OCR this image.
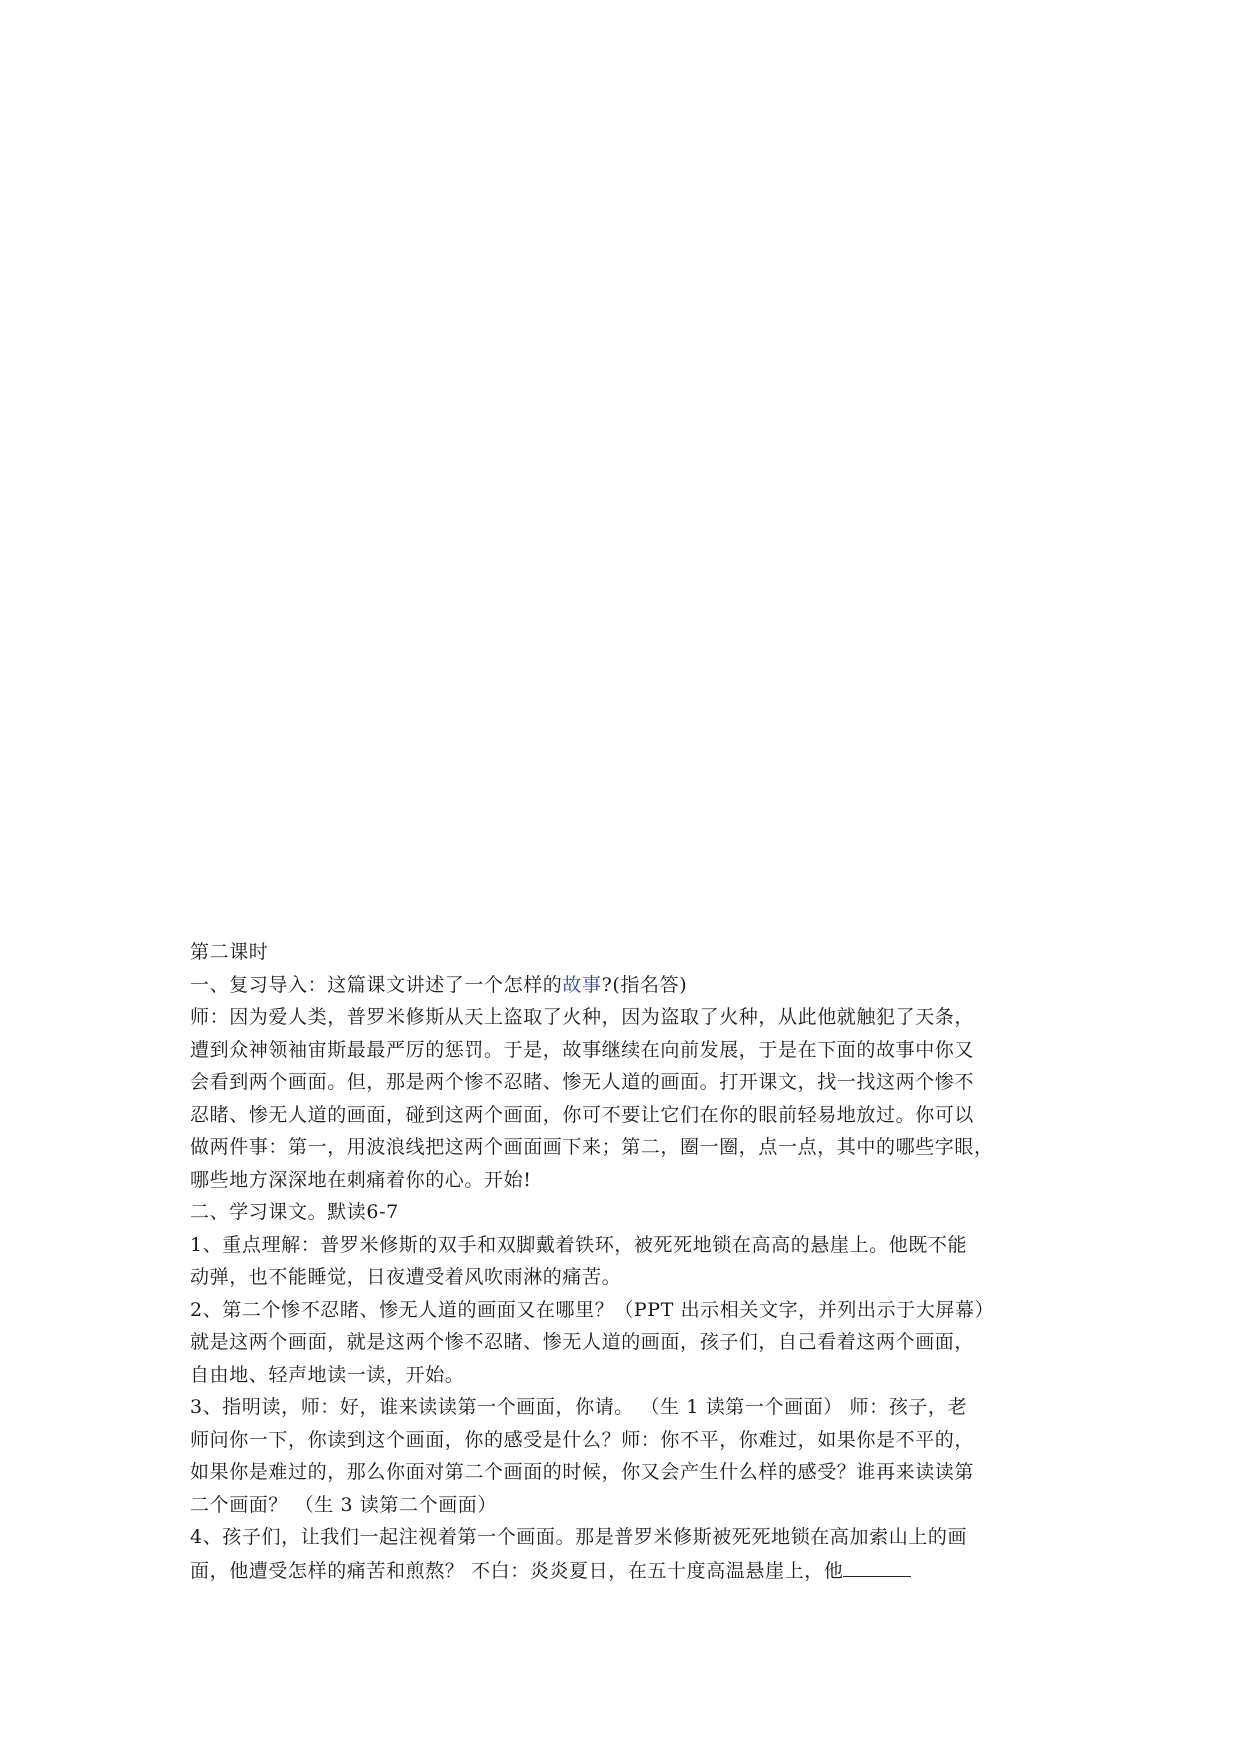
第二课时
一、复习导入：这篇课文讲述了一个怎样的故事?(指名答)
师：因为爱人类，普罗米修斯从天上盗取了火种，因为盗取了火种，从此他就触犯了天条，
遭到众神领袖宙斯最最严厉的惩罚。于是，故事继续在向前发展，于是在下面的故事中你又
会看到两个画面。但，那是两个惨不忍睹、惨无人道的画面。打开课文，找一找这两个惨不
忍睹、惨无人道的画面，碰到这两个画面，你可不要让它们在你的眼前轻易地放过。你可以
做两件事：第一，用波浪线把这两个画面画下来；第二，圈一圈，点一点，其中的哪些字眼，
哪些地方深深地在刺痛着你的心。开始!
二、学习课文。默读6-7
1、重点理解：普罗米修斯的双手和双脚戴着铁环，被死死地锁在高高的悬崖上。他既不能
动弹，也不能睡觉，日夜遭受着风吹雨淋的痛苦。
2、第二个惨不忍睹、惨无人道的画面又在哪里？（PPT 出示相关文字，并列出示于大屏幕）
就是这两个画面，就是这两个惨不忍睹、惨无人道的画面，孩子们，自己看着这两个画面，
自由地、轻声地读一读，开始。
3、指明读，师：好，谁来读读第一个画面，你请。 （生 1 读第一个画面） 师：孩子，老
师问你一下，你读到这个画面，你的感受是什么？师：你不平，你难过，如果你是不平的，
如果你是难过的，那么你面对第二个画面的时候，你又会产生什么样的感受？谁再来读读第
二个画面？ （生 3 读第二个画面）
4、孩子们，让我们一起注视着第一个画面。那是普罗米修斯被死死地锁在高加索山上的画
面，他遭受怎样的痛苦和煎熬？ 不白：炎炎夏日，在五十度高温悬崖上，他
